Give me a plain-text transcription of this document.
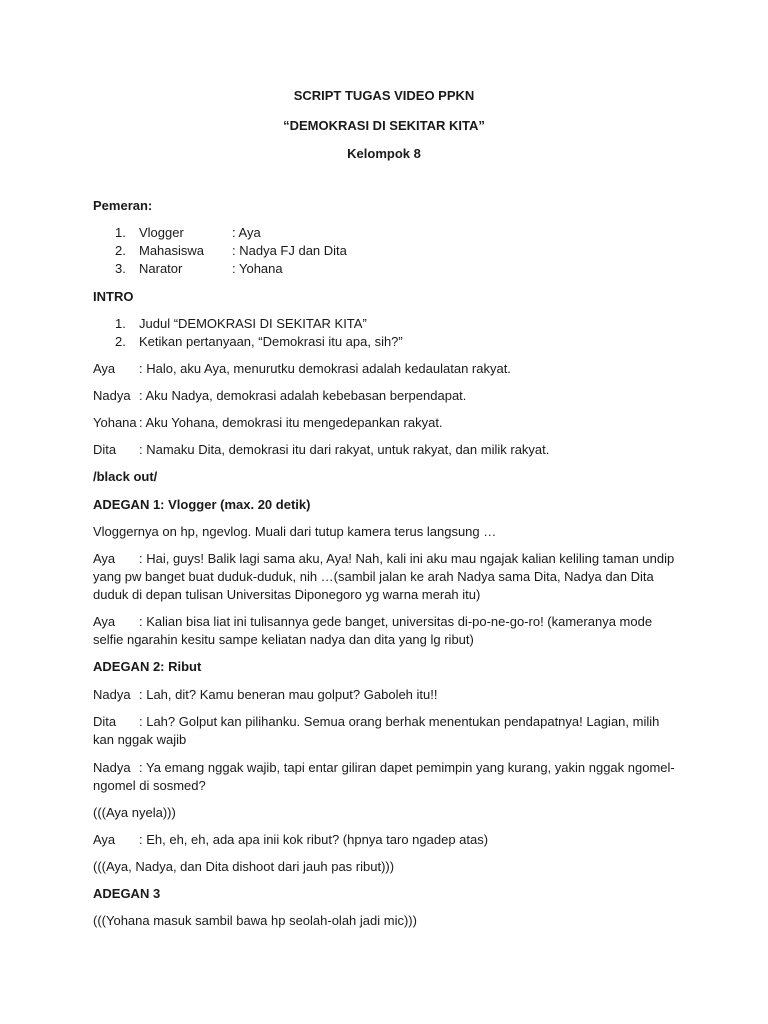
SCRIPT TUGAS VIDEO PPKN
“DEMOKRASI DI SEKITAR KITA”
Kelompok 8
Pemeran:
1. Vlogger	: Aya
2. Mahasiswa : Nadya FJ dan Dita
3. Narator	: Yohana
INTRO
1. Judul “DEMOKRASI DI SEKITAR KITA”
2. Ketikan pertanyaan, “Demokrasi itu apa, sih?”
Aya : Halo, aku Aya, menurutku demokrasi adalah kedaulatan rakyat.
Nadya : Aku Nadya, demokrasi adalah kebebasan berpendapat.
Yohana : Aku Yohana, demokrasi itu mengedepankan rakyat.
Dita : Namaku Dita, demokrasi itu dari rakyat, untuk rakyat, dan milik rakyat.
/black out/
ADEGAN 1: Vlogger (max. 20 detik)
Vloggernya on hp, ngevlog. Muali dari tutup kamera terus langsung …
Aya : Hai, guys! Balik lagi sama aku, Aya! Nah, kali ini aku mau ngajak kalian keliling taman undip
yang pw banget buat duduk-duduk, nih …(sambil jalan ke arah Nadya sama Dita, Nadya dan Dita
duduk di depan tulisan Universitas Diponegoro yg warna merah itu)
Aya : Kalian bisa liat ini tulisannya gede banget, universitas di-po-ne-go-ro! (kameranya mode
selfie ngarahin kesitu sampe keliatan nadya dan dita yang lg ribut)
ADEGAN 2: Ribut
Nadya : Lah, dit? Kamu beneran mau golput? Gaboleh itu!!
Dita : Lah? Golput kan pilihanku. Semua orang berhak menentukan pendapatnya! Lagian, milih
kan nggak wajib
Nadya : Ya emang nggak wajib, tapi entar giliran dapet pemimpin yang kurang, yakin nggak ngomel-
ngomel di sosmed?
(((Aya nyela)))
Aya : Eh, eh, eh, ada apa inii kok ribut? (hpnya taro ngadep atas)
(((Aya, Nadya, dan Dita dishoot dari jauh pas ribut)))
ADEGAN 3
(((Yohana masuk sambil bawa hp seolah-olah jadi mic)))
